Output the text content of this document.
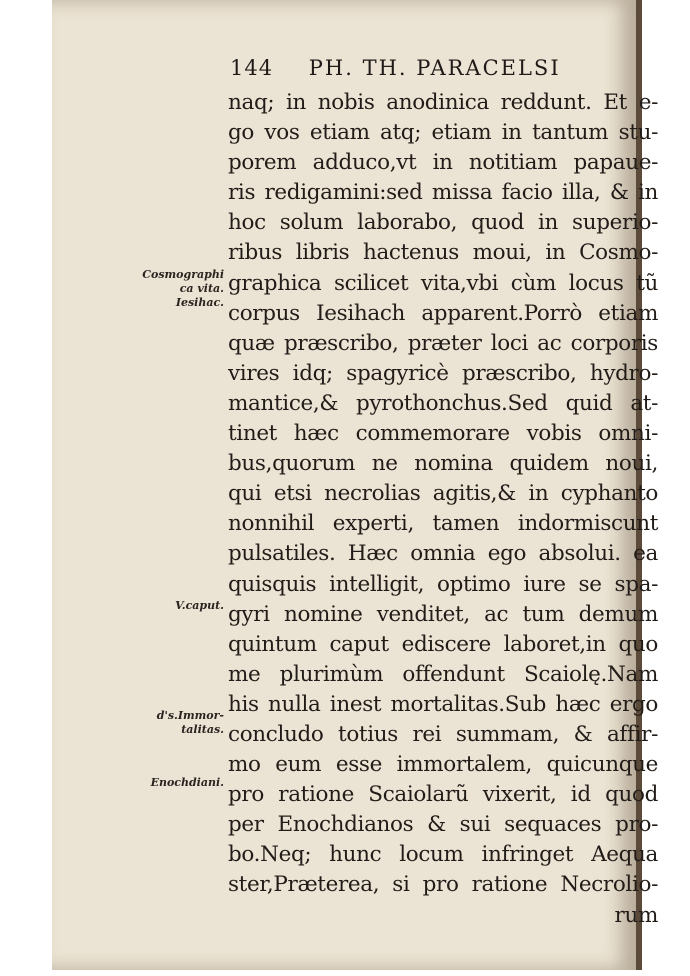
144 PH. TH. PARACELSI
naq; in nobis anodinica reddunt. Et e-
go vos etiam atq; etiam in tantum stu-
porem adduco,vt in notitiam papaue-
ris redigamini:sed missa facio illa, & in
hoc solum laborabo, quod in superio-
ribus libris hactenus moui, in Cosmo-
graphica scilicet vita,vbi cùm locus tũ
corpus Iesihach apparent.Porrò etiam
quæ præscribo, præter loci ac corporis
vires idq; spagyricè præscribo, hydro-
mantice,& pyrothonchus.Sed quid at-
tinet hæc commemorare vobis omni-
bus,quorum ne nomina quidem noui,
qui etsi necrolias agitis,& in cyphanto
nonnihil experti, tamen indormiscunt
pulsatiles. Hæc omnia ego absolui. ea
quisquis intelligit, optimo iure se spa-
gyri nomine venditet, ac tum demum
quintum caput ediscere laboret,in quo
me plurimùm offendunt Scaiolę.Nam
his nulla inest mortalitas.Sub hæc ergo
concludo totius rei summam, & affir-
mo eum esse immortalem, quicunque
pro ratione Scaiolarũ vixerit, id quod
per Enochdianos & sui sequaces pro-
bo.Neq; hunc locum infringet Aequa
ster,Præterea, si pro ratione Necrolio-
rum
Cosmographi
ca vita.
Iesihac.
V.caput.
d's.Immor-
talitas.
Enochdiani.
